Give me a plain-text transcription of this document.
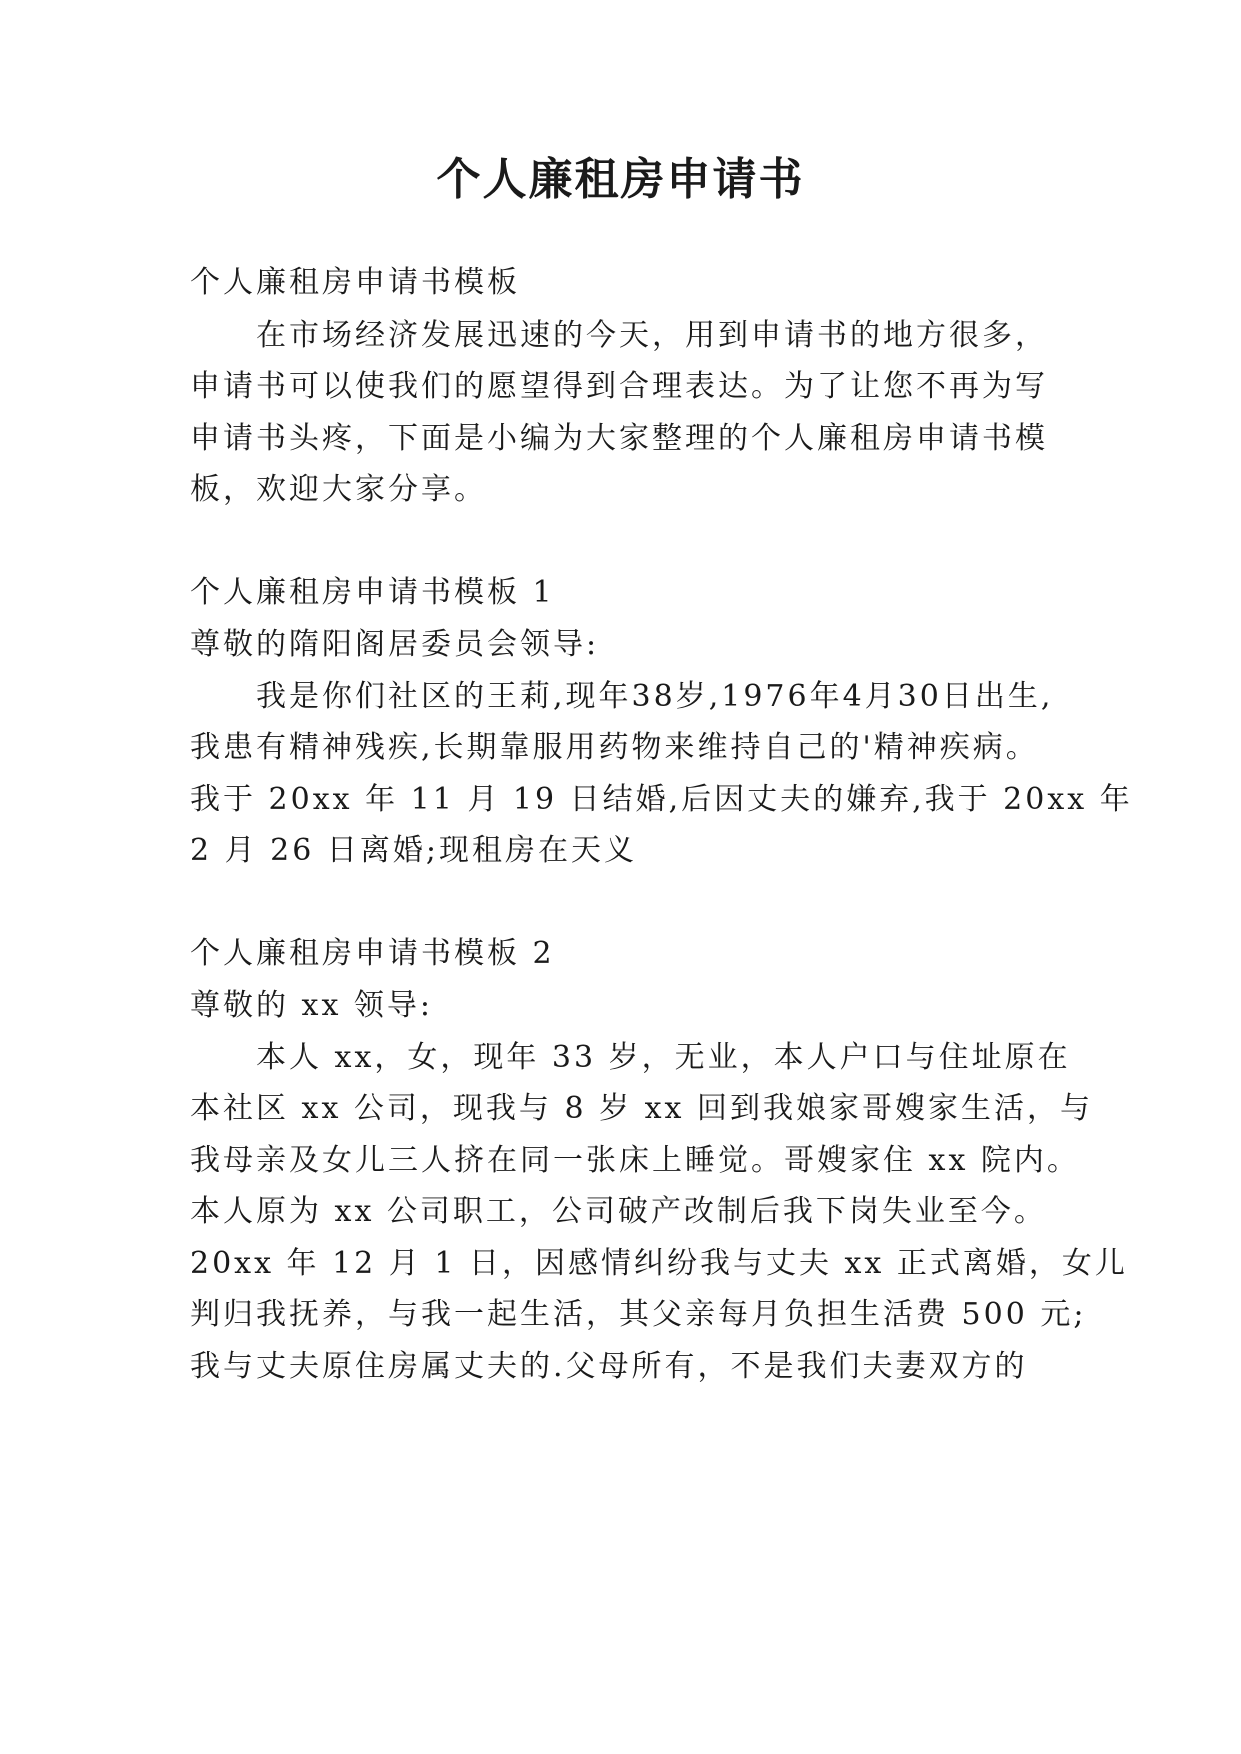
个人廉租房申请书

个人廉租房申请书模板

在市场经济发展迅速的今天，用到申请书的地方很多，

申请书可以使我们的愿望得到合理表达。为了让您不再为写

申请书头疼，下面是小编为大家整理的个人廉租房申请书模

板，欢迎大家分享。

个人廉租房申请书模板 1

尊敬的隋阳阁居委员会领导:

我是你们社区的王莉,现年38岁,1976年4月30日出生,

我患有精神残疾,长期靠服用药物来维持自己的'精神疾病。

我于 20xx 年 11 月 19 日结婚,后因丈夫的嫌弃,我于 20xx 年

2 月 26 日离婚;现租房在天义

个人廉租房申请书模板 2

尊敬的 xx 领导:

本人 xx，女，现年 33 岁，无业，本人户口与住址原在

本社区 xx 公司，现我与 8 岁 xx 回到我娘家哥嫂家生活，与

我母亲及女儿三人挤在同一张床上睡觉。哥嫂家住 xx 院内。

本人原为 xx 公司职工，公司破产改制后我下岗失业至今。

20xx 年 12 月 1 日，因感情纠纷我与丈夫 xx 正式离婚，女儿

判归我抚养，与我一起生活，其父亲每月负担生活费 500 元;

我与丈夫原住房属丈夫的.父母所有，不是我们夫妻双方的
